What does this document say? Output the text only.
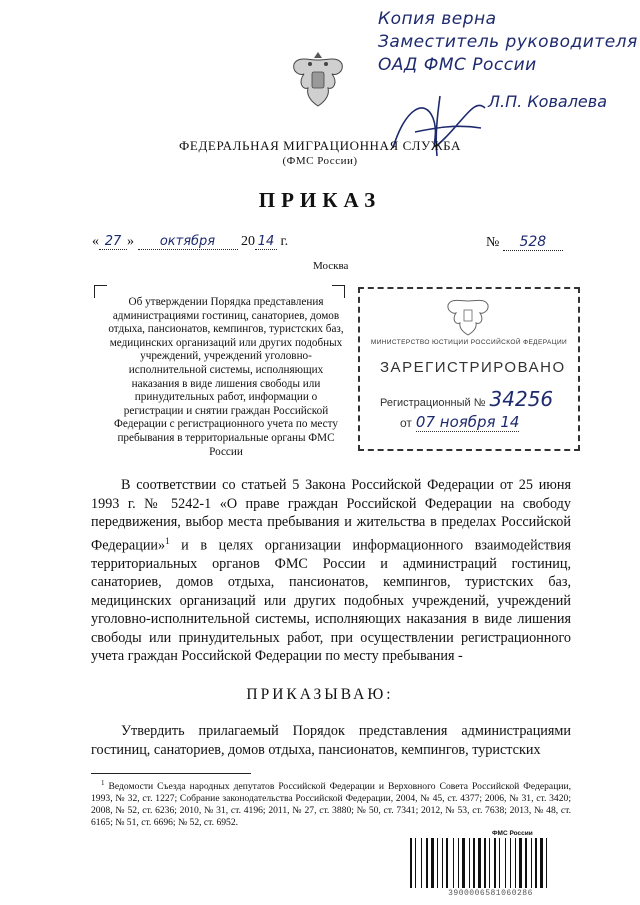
Копия верна
Заместитель руководителя
ОАД ФМС России
Л.П. Ковалева
ФЕДЕРАЛЬНАЯ МИГРАЦИОННАЯ СЛУЖБА
(ФМС России)
ПРИКАЗ
« 27 » октября 20 14 г.	№ 528
Москва
Об утверждении Порядка представления администрациями гостиниц, санаториев, домов отдыха, пансионатов, кемпингов, туристских баз, медицинских организаций или других подобных учреждений, учреждений уголовно-исполнительной системы, исполняющих наказания в виде лишения свободы или принудительных работ, информации о регистрации и снятии граждан Российской Федерации с регистрационного учета по месту пребывания в территориальные органы ФМС России
МИНИСТЕРСТВО ЮСТИЦИИ РОССИЙСКОЙ ФЕДЕРАЦИИ
ЗАРЕГИСТРИРОВАНО
Регистрационный № 34256
от 07 ноября 14
В соответствии со статьей 5 Закона Российской Федерации от 25 июня 1993 г. № 5242-1 «О праве граждан Российской Федерации на свободу передвижения, выбор места пребывания и жительства в пределах Российской Федерации»$^1$ и в целях организации информационного взаимодействия территориальных органов ФМС России и администраций гостиниц, санаториев, домов отдыха, пансионатов, кемпингов, туристских баз, медицинских организаций или других подобных учреждений, учреждений уголовно-исполнительной системы, исполняющих наказания в виде лишения свободы или принудительных работ, при осуществлении регистрационного учета граждан Российской Федерации по месту пребывания -
ПРИКАЗЫВАЮ:
Утвердить прилагаемый Порядок представления администрациями гостиниц, санаториев, домов отдыха, пансионатов, кемпингов, туристских
$^1$ Ведомости Съезда народных депутатов Российской Федерации и Верховного Совета Российской Федерации, 1993, № 32, ст. 1227; Собрание законодательства Российской Федерации, 2004, № 45, ст. 4377; 2006, № 31, ст. 3420; 2008, № 52, ст. 6236; 2010, № 31, ст. 4196; 2011, № 27, ст. 3880; № 50, ст. 7341; 2012, № 53, ст. 7638; 2013, № 48, ст. 6165; № 51, ст. 6696; № 52, ст. 6952.
ФМС России
3900006581060286
